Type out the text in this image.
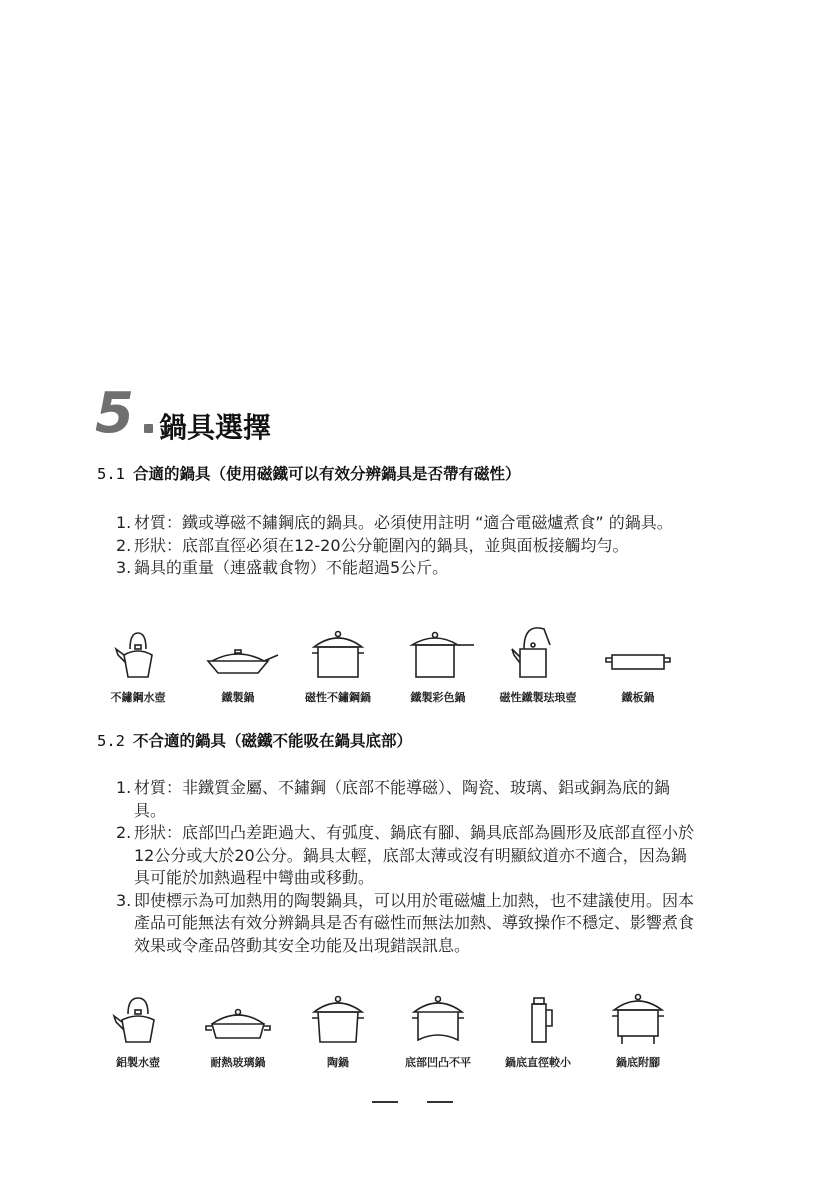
5 鍋具選擇
5.1 合適的鍋具（使用磁鐵可以有效分辨鍋具是否帶有磁性）
1. 材質：鐵或導磁不鏽鋼底的鍋具。必須使用註明 “適合電磁爐煮食” 的鍋具。
2. 形狀：底部直徑必須在12-20公分範圍內的鍋具，並與面板接觸均勻。
3. 鍋具的重量（連盛載食物）不能超過5公斤。
不鏽鋼水壺	鐵製鍋	磁性不鏽鋼鍋	鐵製彩色鍋	磁性鐵製珐琅壺	鐵板鍋
5.2 不合適的鍋具（磁鐵不能吸在鍋具底部）
1. 材質：非鐵質金屬、不鏽鋼（底部不能導磁）、陶瓷、玻璃、鋁或銅為底的鍋具。
2. 形狀：底部凹凸差距過大、有弧度、鍋底有腳、鍋具底部為圓形及底部直徑小於12公分或大於20公分。鍋具太輕，底部太薄或沒有明顯紋道亦不適合，因為鍋具可能於加熱過程中彎曲或移動。
3. 即使標示為可加熱用的陶製鍋具，可以用於電磁爐上加熱，也不建議使用。因本產品可能無法有效分辨鍋具是否有磁性而無法加熱、導致操作不穩定、影響煮食效果或令產品啓動其安全功能及出現錯誤訊息。
鋁製水壺	耐熱玻璃鍋	陶鍋	底部凹凸不平	鍋底直徑較小	鍋底附腳
